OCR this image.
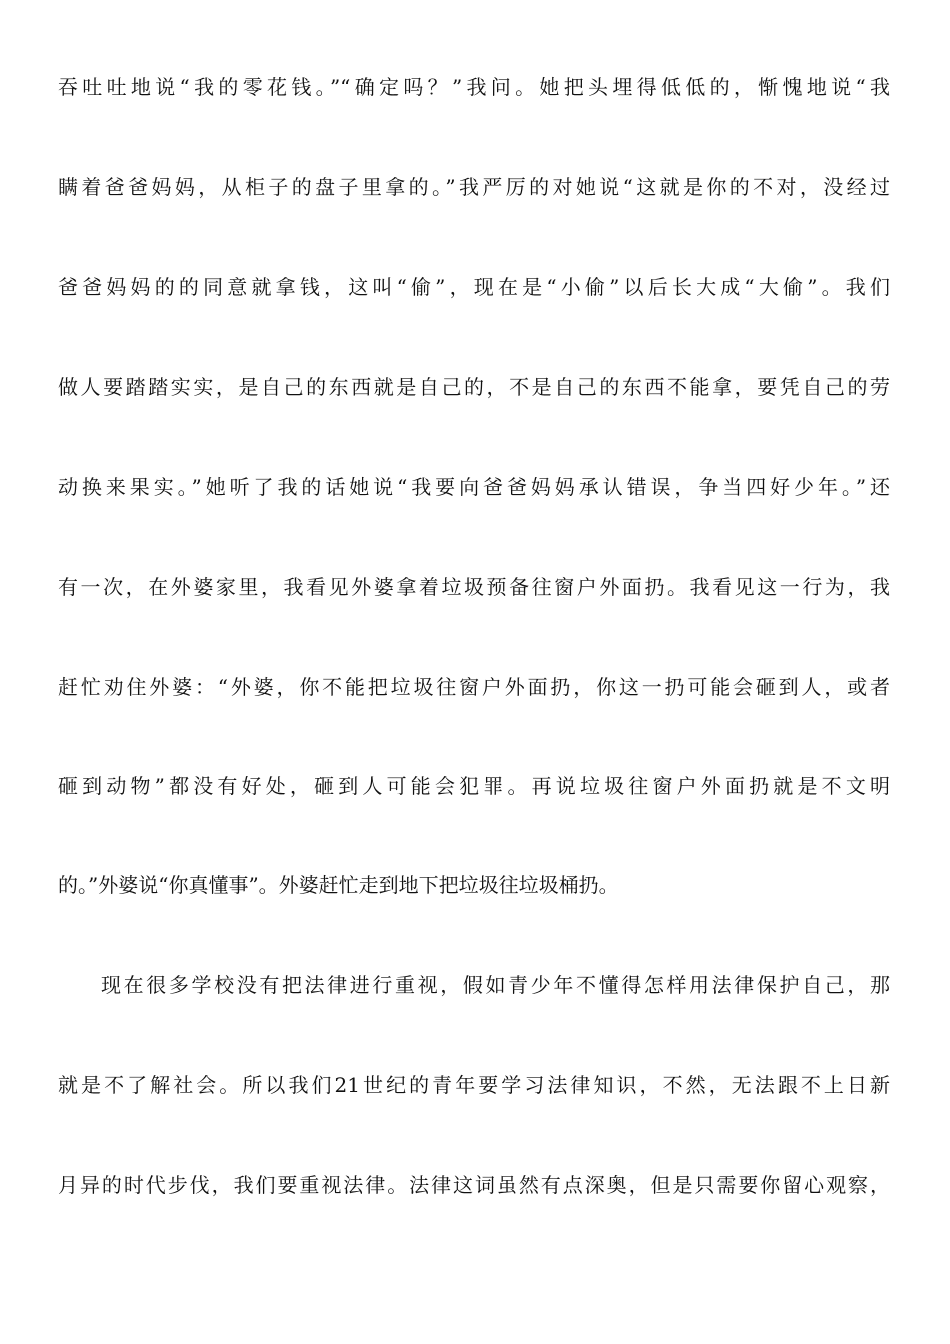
吞吐吐地说“我的零花钱。”“确定吗？”我问。她把头埋得低低的，惭愧地说“我
瞒着爸爸妈妈，从柜子的盘子里拿的。”我严厉的对她说“这就是你的不对，没经过
爸爸妈妈的的同意就拿钱，这叫“偷”，现在是“小偷”以后长大成“大偷”。我们
做人要踏踏实实，是自己的东西就是自己的，不是自己的东西不能拿，要凭自己的劳
动换来果实。”她听了我的话她说“我要向爸爸妈妈承认错误，争当四好少年。”还
有一次，在外婆家里，我看见外婆拿着垃圾预备往窗户外面扔。我看见这一行为，我
赶忙劝住外婆：“外婆，你不能把垃圾往窗户外面扔，你这一扔可能会砸到人，或者
砸到动物”都没有好处，砸到人可能会犯罪。再说垃圾往窗户外面扔就是不文明
的。”外婆说“你真懂事”。外婆赶忙走到地下把垃圾往垃圾桶扔。
现在很多学校没有把法律进行重视，假如青少年不懂得怎样用法律保护自己，那
就是不了解社会。所以我们21世纪的青年要学习法律知识，不然，无法跟不上日新
月异的时代步伐，我们要重视法律。法律这词虽然有点深奥，但是只需要你留心观察，
